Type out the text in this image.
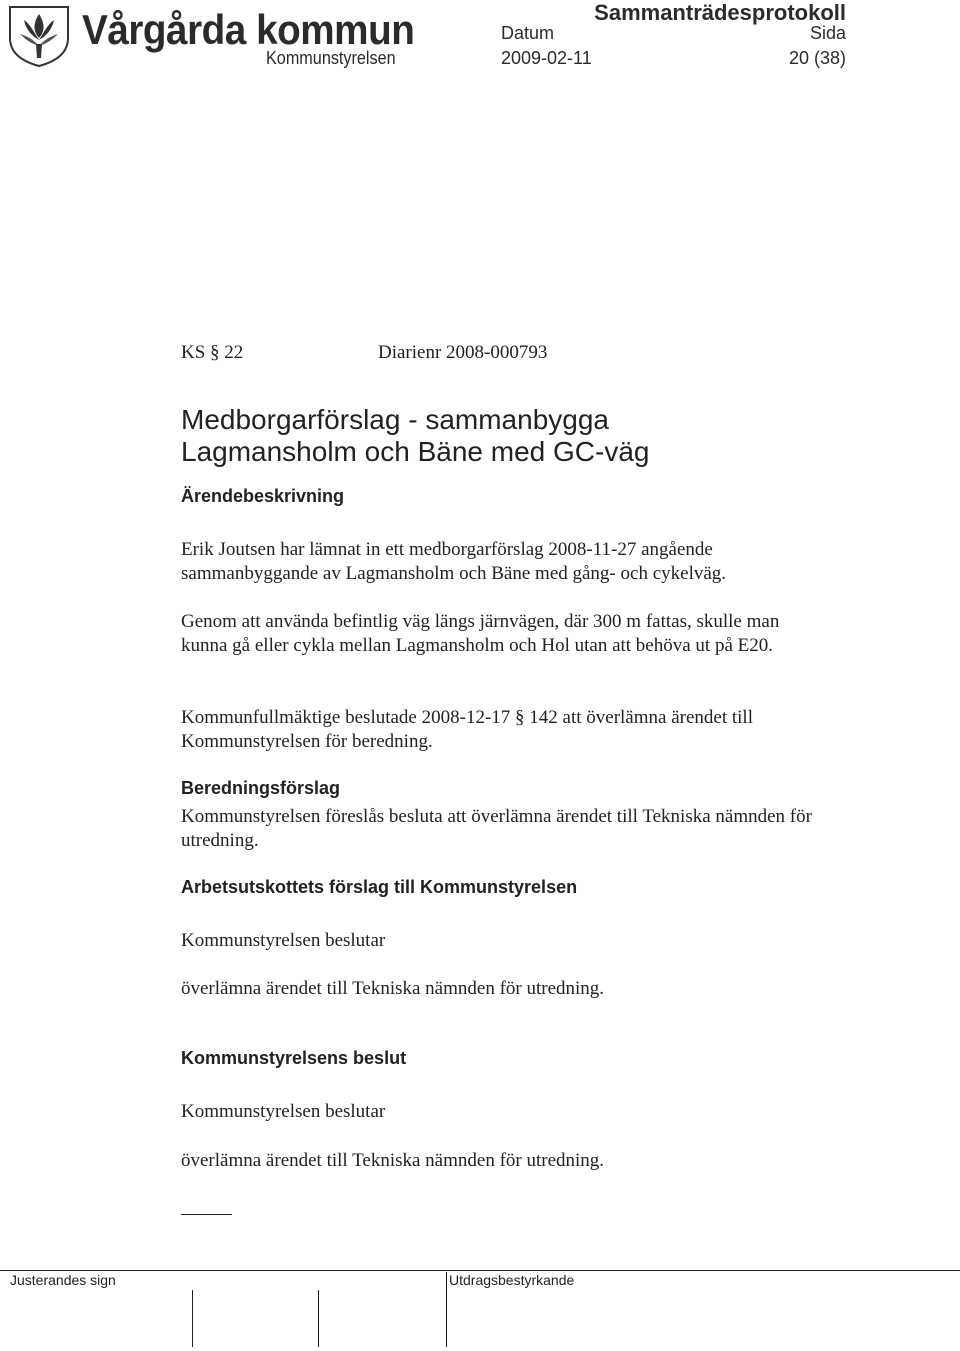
Vårgårda kommun	Sammanträdesprotokoll
Datum	Sida
Kommunstyrelsen	2009-02-11	20 (38)
KS § 22	Diarienr 2008-000793
Medborgarförslag - sammanbygga
Lagmansholm och Bäne med GC-väg
Ärendebeskrivning
Erik Joutsen har lämnat in ett medborgarförslag 2008-11-27 angående sammanbyggande av Lagmansholm och Bäne med gång- och cykelväg.
Genom att använda befintlig väg längs järnvägen, där 300 m fattas, skulle man kunna gå eller cykla mellan Lagmansholm och Hol utan att behöva ut på E20.
Kommunfullmäktige beslutade 2008-12-17 § 142 att överlämna ärendet till Kommunstyrelsen för beredning.
Beredningsförslag
Kommunstyrelsen föreslås besluta att överlämna ärendet till Tekniska nämnden för utredning.
Arbetsutskottets förslag till Kommunstyrelsen
Kommunstyrelsen beslutar
överlämna ärendet till Tekniska nämnden för utredning.
Kommunstyrelsens beslut
Kommunstyrelsen beslutar
överlämna ärendet till Tekniska nämnden för utredning.
Justerandes sign	Utdragsbestyrkande
